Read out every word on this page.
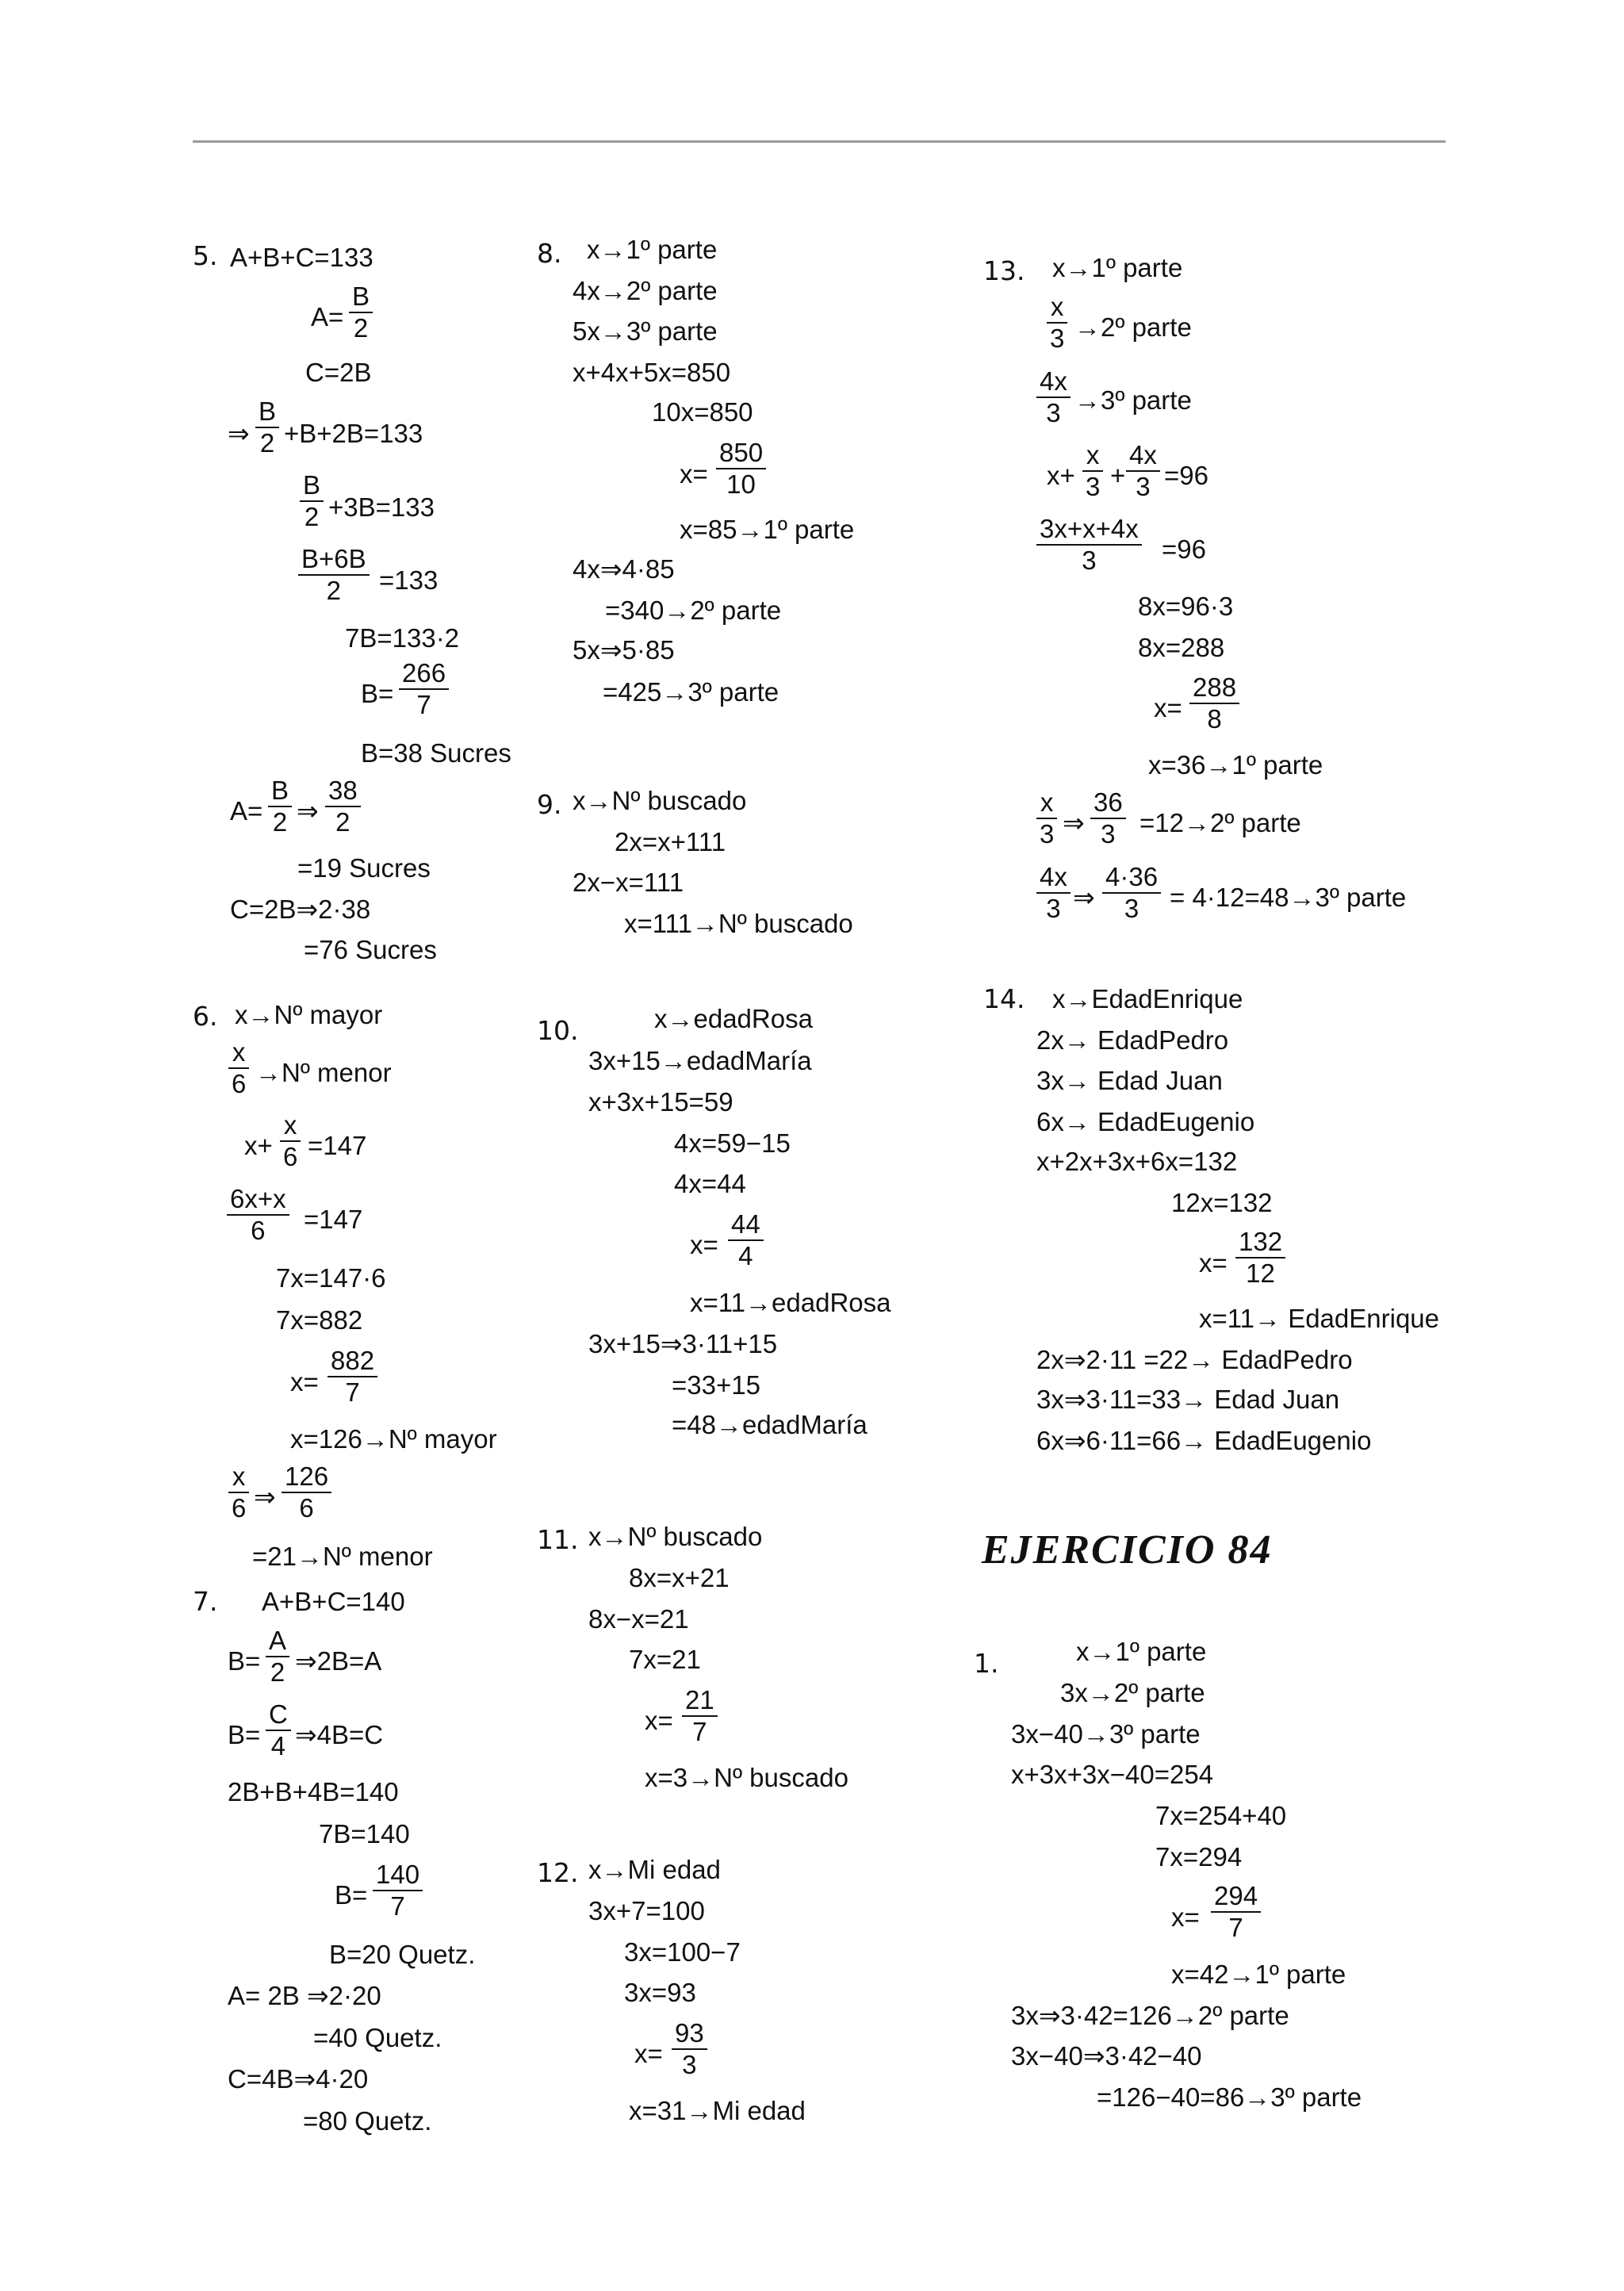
5. A+B+C=133
A=
B
2
C=2B
⇒
B
2 +B+2B=133
B
2 +3B=133
B+6B
2 =133
7B=133·2
B=
266
7
B=38 Sucres
A=
B
2 ⇒
38
2
=19 Sucres
C=2B⇒2·38
=76 Sucres
6. x→Nº mayor
x
6 →Nº menor
x+
x
6 =147
6x+x
6 =147
7x=147·6
7x=882
x=
882
7
x=126→Nº mayor
x
6 ⇒
126
6
=21→Nº menor
7. A+B+C=140
B=
A
2 ⇒2B=A
B=
C
4 ⇒4B=C
2B+B+4B=140
7B=140
B=
140
7
B=20 Quetz.
A= 2B ⇒2·20
=40 Quetz.
C=4B⇒4·20
=80 Quetz.
8. x→1º parte
4x→2º parte
5x→3º parte
x+4x+5x=850
10x=850
x=
850
10
x=85→1º parte
4x⇒4·85
=340→2º parte
5x⇒5·85
=425→3º parte
9. x→Nº buscado
2x=x+111
2x−x=111
x=111→Nº buscado
10.	x→edadRosa
3x+15→edadMaría
x+3x+15=59
4x=59−15
4x=44
x=
44
4
x=11→edadRosa
3x+15⇒3·11+15
=33+15
=48→edadMaría
11. x→Nº buscado
8x=x+21
8x−x=21
7x=21
x=
21
7
x=3→Nº buscado
12. x→Mi edad
3x+7=100
3x=100−7
3x=93
x=
93
3
x=31→Mi edad
13. x→1º parte
x
3 →2º parte
4x
3 →3º parte
x+
x
3 +
4x
3 =96
3x+x+4x
3 =96
8x=96·3
8x=288
x=
288
8
x=36→1º parte
x
3 ⇒
36
3 =12→2º parte
4x
3 ⇒
4·36
3 = 4·12=48→3º parte
14. x→EdadEnrique
2x→ EdadPedro
3x→ Edad Juan
6x→ EdadEugenio
x+2x+3x+6x=132
12x=132
x=
132
12
x=11→ EdadEnrique
2x⇒2·11 =22→ EdadPedro
3x⇒3·11=33→ Edad Juan
6x⇒6·11=66→ EdadEugenio
EJERCICIO 84
1.	x→1º parte
3x→2º parte
3x−40→3º parte
x+3x+3x−40=254
7x=254+40
7x=294
x=
294
7
x=42→1º parte
3x⇒3·42=126→2º parte
3x−40⇒3·42−40
=126−40=86→3º parte
